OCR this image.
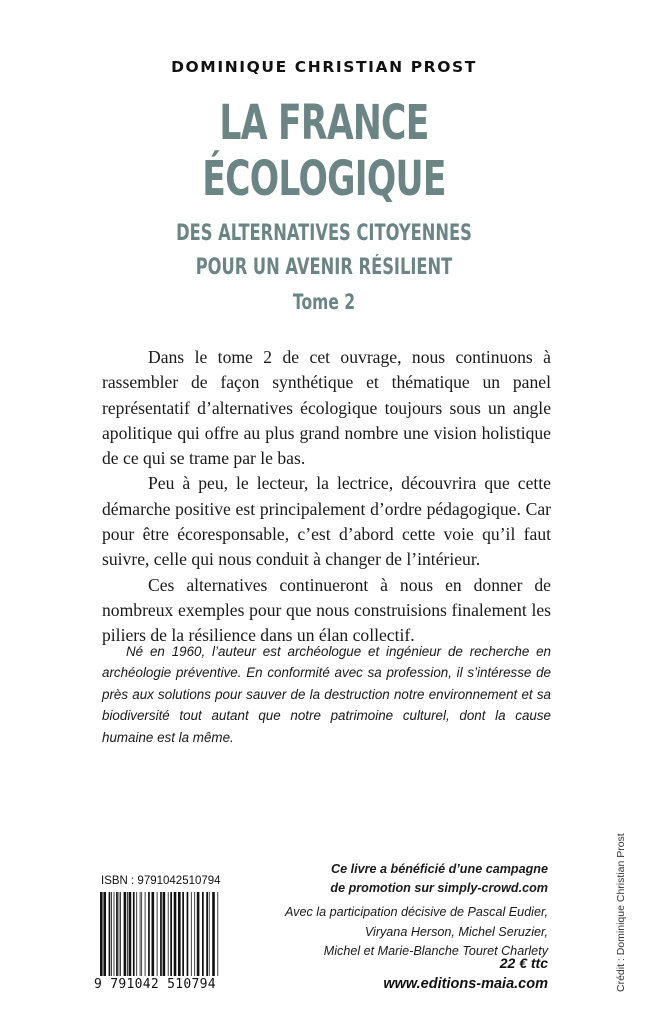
DOMINIQUE CHRISTIAN PROST
LA FRANCE
ÉCOLOGIQUE
DES ALTERNATIVES CITOYENNES
POUR UN AVENIR RÉSILIENT
Tome 2

Dans le tome 2 de cet ouvrage, nous continuons à rassembler de façon synthétique et thématique un panel représentatif d’alternatives écologique toujours sous un angle apolitique qui offre au plus grand nombre une vision holistique de ce qui se trame par le bas.

Peu à peu, le lecteur, la lectrice, découvrira que cette démarche positive est principalement d’ordre pédagogique. Car pour être écoresponsable, c’est d’abord cette voie qu’il faut suivre, celle qui nous conduit à changer de l’intérieur.

Ces alternatives continueront à nous en donner de nombreux exemples pour que nous construisions finalement les piliers de la résilience dans un élan collectif.

Né en 1960, l’auteur est archéologue et ingénieur de recherche en archéologie préventive. En conformité avec sa profession, il s’intéresse de près aux solutions pour sauver de la destruction notre environnement et sa biodiversité tout autant que notre patrimoine culturel, dont la cause humaine est la même.

ISBN : 9791042510794
9 791042 510794
Ce livre a bénéficié d’une campagne
de promotion sur simply-crowd.com
Avec la participation décisive de Pascal Eudier,
Viryana Herson, Michel Seruzier,
Michel et Marie-Blanche Touret Charlety
22 € ttc
www.editions-maia.com	Crédit : Dominique Christian Prost
